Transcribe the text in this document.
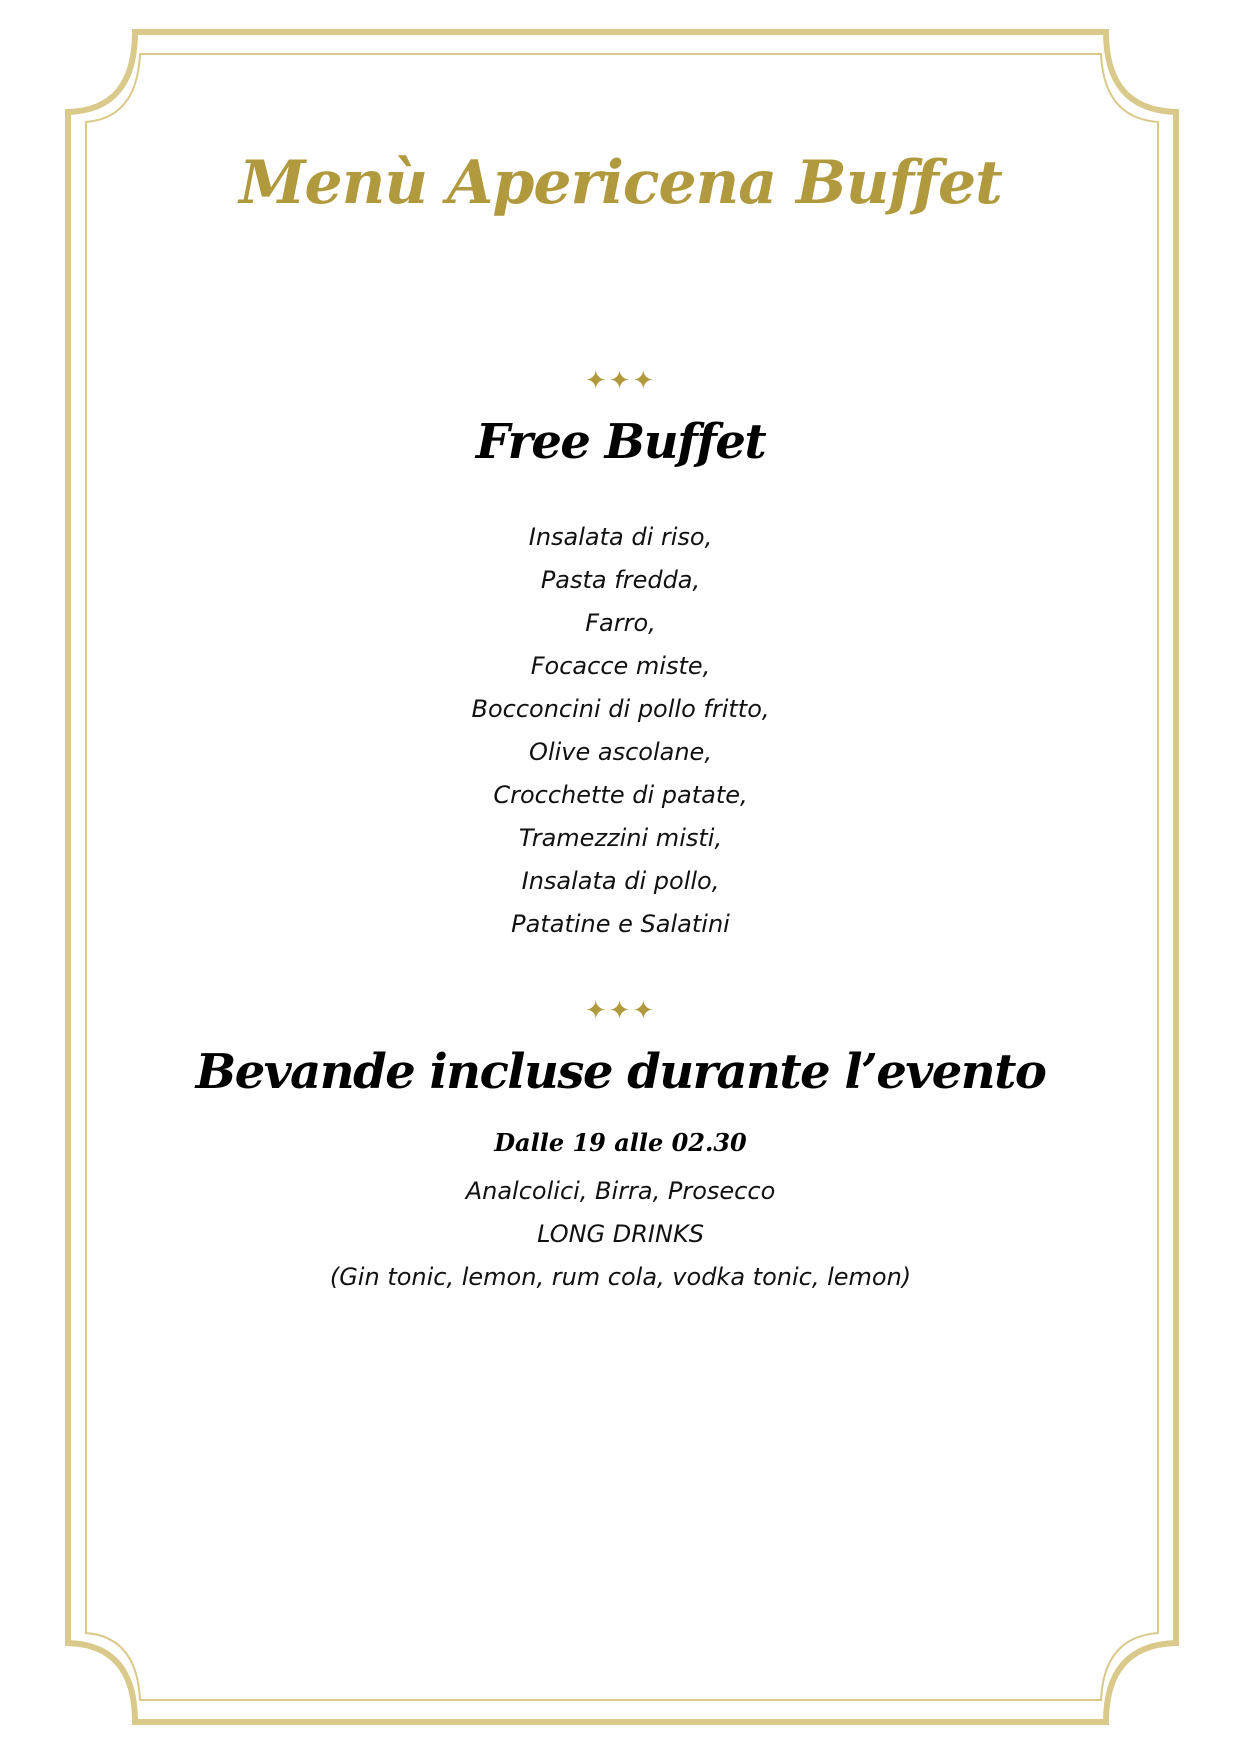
Menù Apericena Buffet
✦✦✦
Free Buffet
Insalata di riso,
Pasta fredda,
Farro,
Focacce miste,
Bocconcini di pollo fritto,
Olive ascolane,
Crocchette di patate,
Tramezzini misti,
Insalata di pollo,
Patatine e Salatini
✦✦✦
Bevande incluse durante l’evento
Dalle 19 alle 02.30
Analcolici, Birra, Prosecco
LONG DRINKS
(Gin tonic, lemon, rum cola, vodka tonic, lemon)
